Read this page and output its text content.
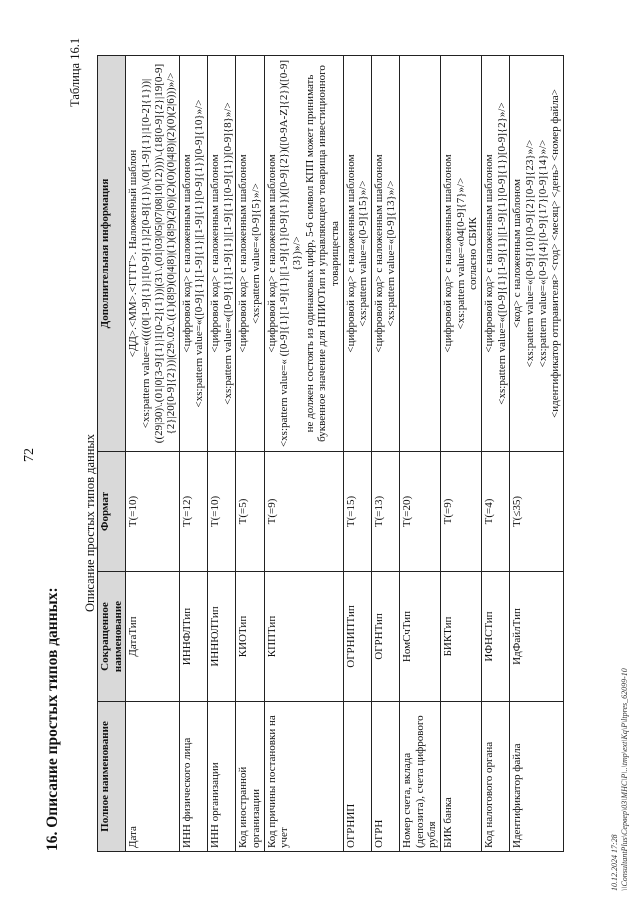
16. Описание простых типов данных:
72
Таблица 16.1
Описание простых типов данных
Полное наименование	Сокращенное наименование	Формат	Дополнительная информация
Дата	ДатаТип	T(=10)	<ДД>.<ММ>.<ГГГГ>. Наложенный шаблон <xs:pattern value=«((((0[1-9]{1}|1[0-9]{1}|2[0-8]{1})\.(0[1-9]{1}|1[0-2]{1}))|((29|30)\.(01|0[3-9]{1}|1[0-2]{1}))|(31\.(01|03|05|07|08|10|12))))\.(18[0-9]{2}|19[0-9]{2}|20[0-9]{2}))|(29\.02\.((1)(8|9)(0|4|8)|(1)(8|9)(2|6)|(2)(0)(0|4|8)|(2)(0)(2|6)))»/>

ИНН физического лица	ИННФЛТип	T(=12)	<цифровой код> с наложенным шаблоном <xs:pattern value=«([0-9]{1}[1-9]{1}|[1-9]{1}[0-9]{1})[0-9]{10}»/>

ИНН организации	ИННЮЛТип	T(=10)	<цифровой код> с наложенным шаблоном <xs:pattern value=«([0-9]{1}[1-9]{1}|[1-9]{1}[0-9]{1})[0-9]{8}»/>

Код иностранной организации	КИОТип	T(=5)	<цифровой код> с наложенным шаблоном <xs:pattern value=«[0-9]{5}»/>

Код причины постановки на учет	КППТип	T(=9)	<цифровой код> с наложенным шаблоном <xs:pattern value=« ([0-9]{1}[1-9]{1}|[1-9]{1}[0-9]{1})([0-9]{2})([0-9A-Z]{2})([0-9]{3})»/> не должен состоять из одинаковых цифр, 5-6 символ КПП может принимать буквенное значение для НПИОТип и управляющего товарища инвестиционного товарищества

ОГРНИП	ОГРНИПТип	T(=15)	<цифровой код> с наложенным шаблоном <xs:pattern value=«[0-9]{15}»/>

ОГРН	ОГРНТип	T(=13)	<цифровой код> с наложенным шаблоном <xs:pattern value=«[0-9]{13}»/>

Номер счета, вклада (депозита), счета цифрового рубля	НомСчТип	T(=20)	
БИК банка	БИКТип	T(=9)	<цифровой код> с наложенным шаблоном <xs:pattern value=«04[0-9]{7}»/> согласно СБИК

Код налогового органа	ИФНСТип	T(=4)	<цифровой код> с наложенным шаблоном <xs:pattern value=«([0-9]{1}[1-9]{1}|[1-9]{1}[0-9]{1})[0-9]{2}»/>

Идентификатор файла	ИдФайлТип	T(≤35)	<код> с наложенным шаблоном <xs:pattern value=«[0-9]{10}[0-9]{2}[0-9]{23}»/> <xs:pattern value=«[0-9]{4}[0-9]{17}[0-9]{14}»/> <идентификатор отправителя> <год> <месяц> <день> <номер файла>
10.12.2024 17:28 \\ConsultantPlus\Сервер\03\МНС\Р\..\tmp\ext\Kq\Р\ltpres_62099-10
